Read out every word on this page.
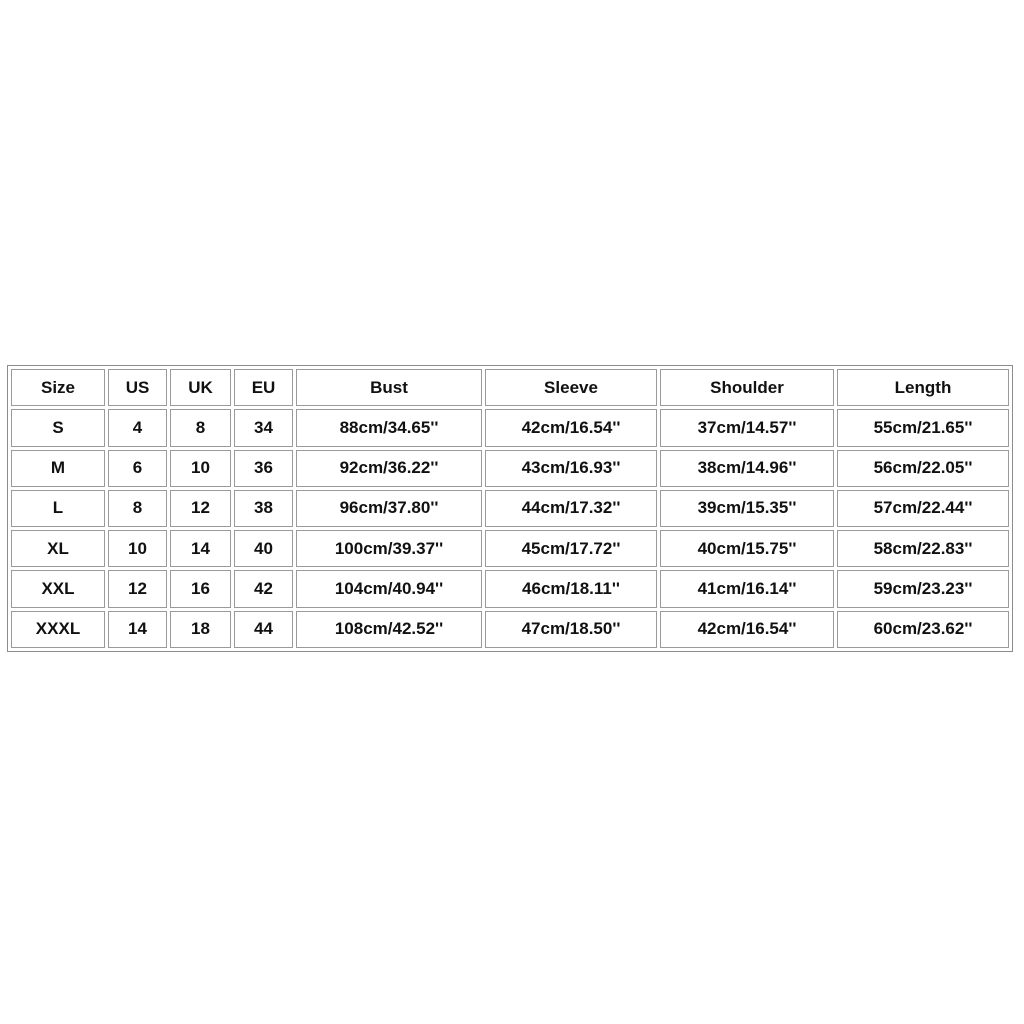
Size	US	UK	EU	Bust	Sleeve	Shoulder	Length
S	4	8	34	88cm/34.65''	42cm/16.54''	37cm/14.57''	55cm/21.65''
M	6	10	36	92cm/36.22''	43cm/16.93''	38cm/14.96''	56cm/22.05''
L	8	12	38	96cm/37.80''	44cm/17.32''	39cm/15.35''	57cm/22.44''
XL	10	14	40	100cm/39.37''	45cm/17.72''	40cm/15.75''	58cm/22.83''
XXL	12	16	42	104cm/40.94''	46cm/18.11''	41cm/16.14''	59cm/23.23''
XXXL	14	18	44	108cm/42.52''	47cm/18.50''	42cm/16.54''	60cm/23.62''
